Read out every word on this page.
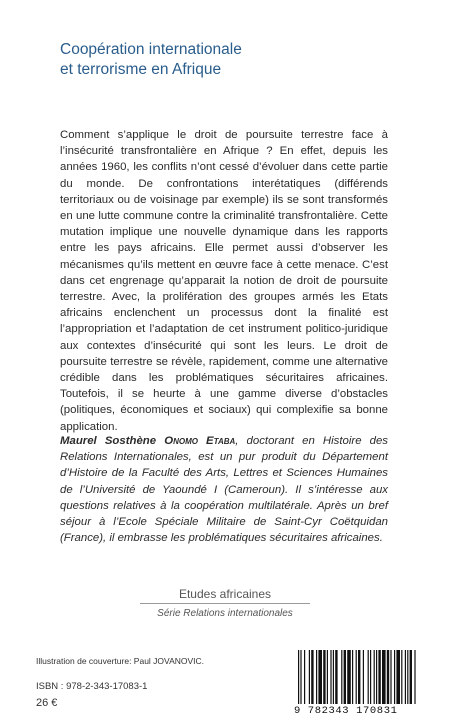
Coopération internationale
et terrorisme en Afrique
Comment s’applique le droit de poursuite terrestre face à l’insécurité transfrontalière en Afrique ? En effet, depuis les années 1960, les conflits n’ont cessé d’évoluer dans cette partie du monde. De confrontations interétatiques (différends territoriaux ou de voisinage par exemple) ils se sont transformés en une lutte commune contre la criminalité transfrontalière. Cette mutation implique une nouvelle dynamique dans les rapports entre les pays africains. Elle permet aussi d’observer les mécanismes qu’ils mettent en œuvre face à cette menace. C’est dans cet engrenage qu’apparait la notion de droit de poursuite terrestre. Avec, la prolifération des groupes armés les Etats africains enclenchent un processus dont la finalité est l’appropriation et l’adaptation de cet instrument politico-juridique aux contextes d’insécurité qui sont les leurs. Le droit de poursuite terrestre se révèle, rapidement, comme une alternative crédible dans les problématiques sécuritaires africaines. Toutefois, il se heurte à une gamme diverse d’obstacles (politiques, économiques et sociaux) qui complexifie sa bonne application.
Maurel Sosthène Onomo Etaba, doctorant en Histoire des Relations Internationales, est un pur produit du Département d’Histoire de la Faculté des Arts, Lettres et Sciences Humaines de l’Université de Yaoundé I (Cameroun). Il s’intéresse aux questions relatives à la coopération multilatérale. Après un bref séjour à l’Ecole Spéciale Militaire de Saint-Cyr Coëtquidan (France), il embrasse les problématiques sécuritaires africaines.
Etudes africaines
Série Relations internationales
Illustration de couverture: Paul JOVANOVIC.
ISBN : 978-2-343-17083-1
26 €
9 782343 170831
